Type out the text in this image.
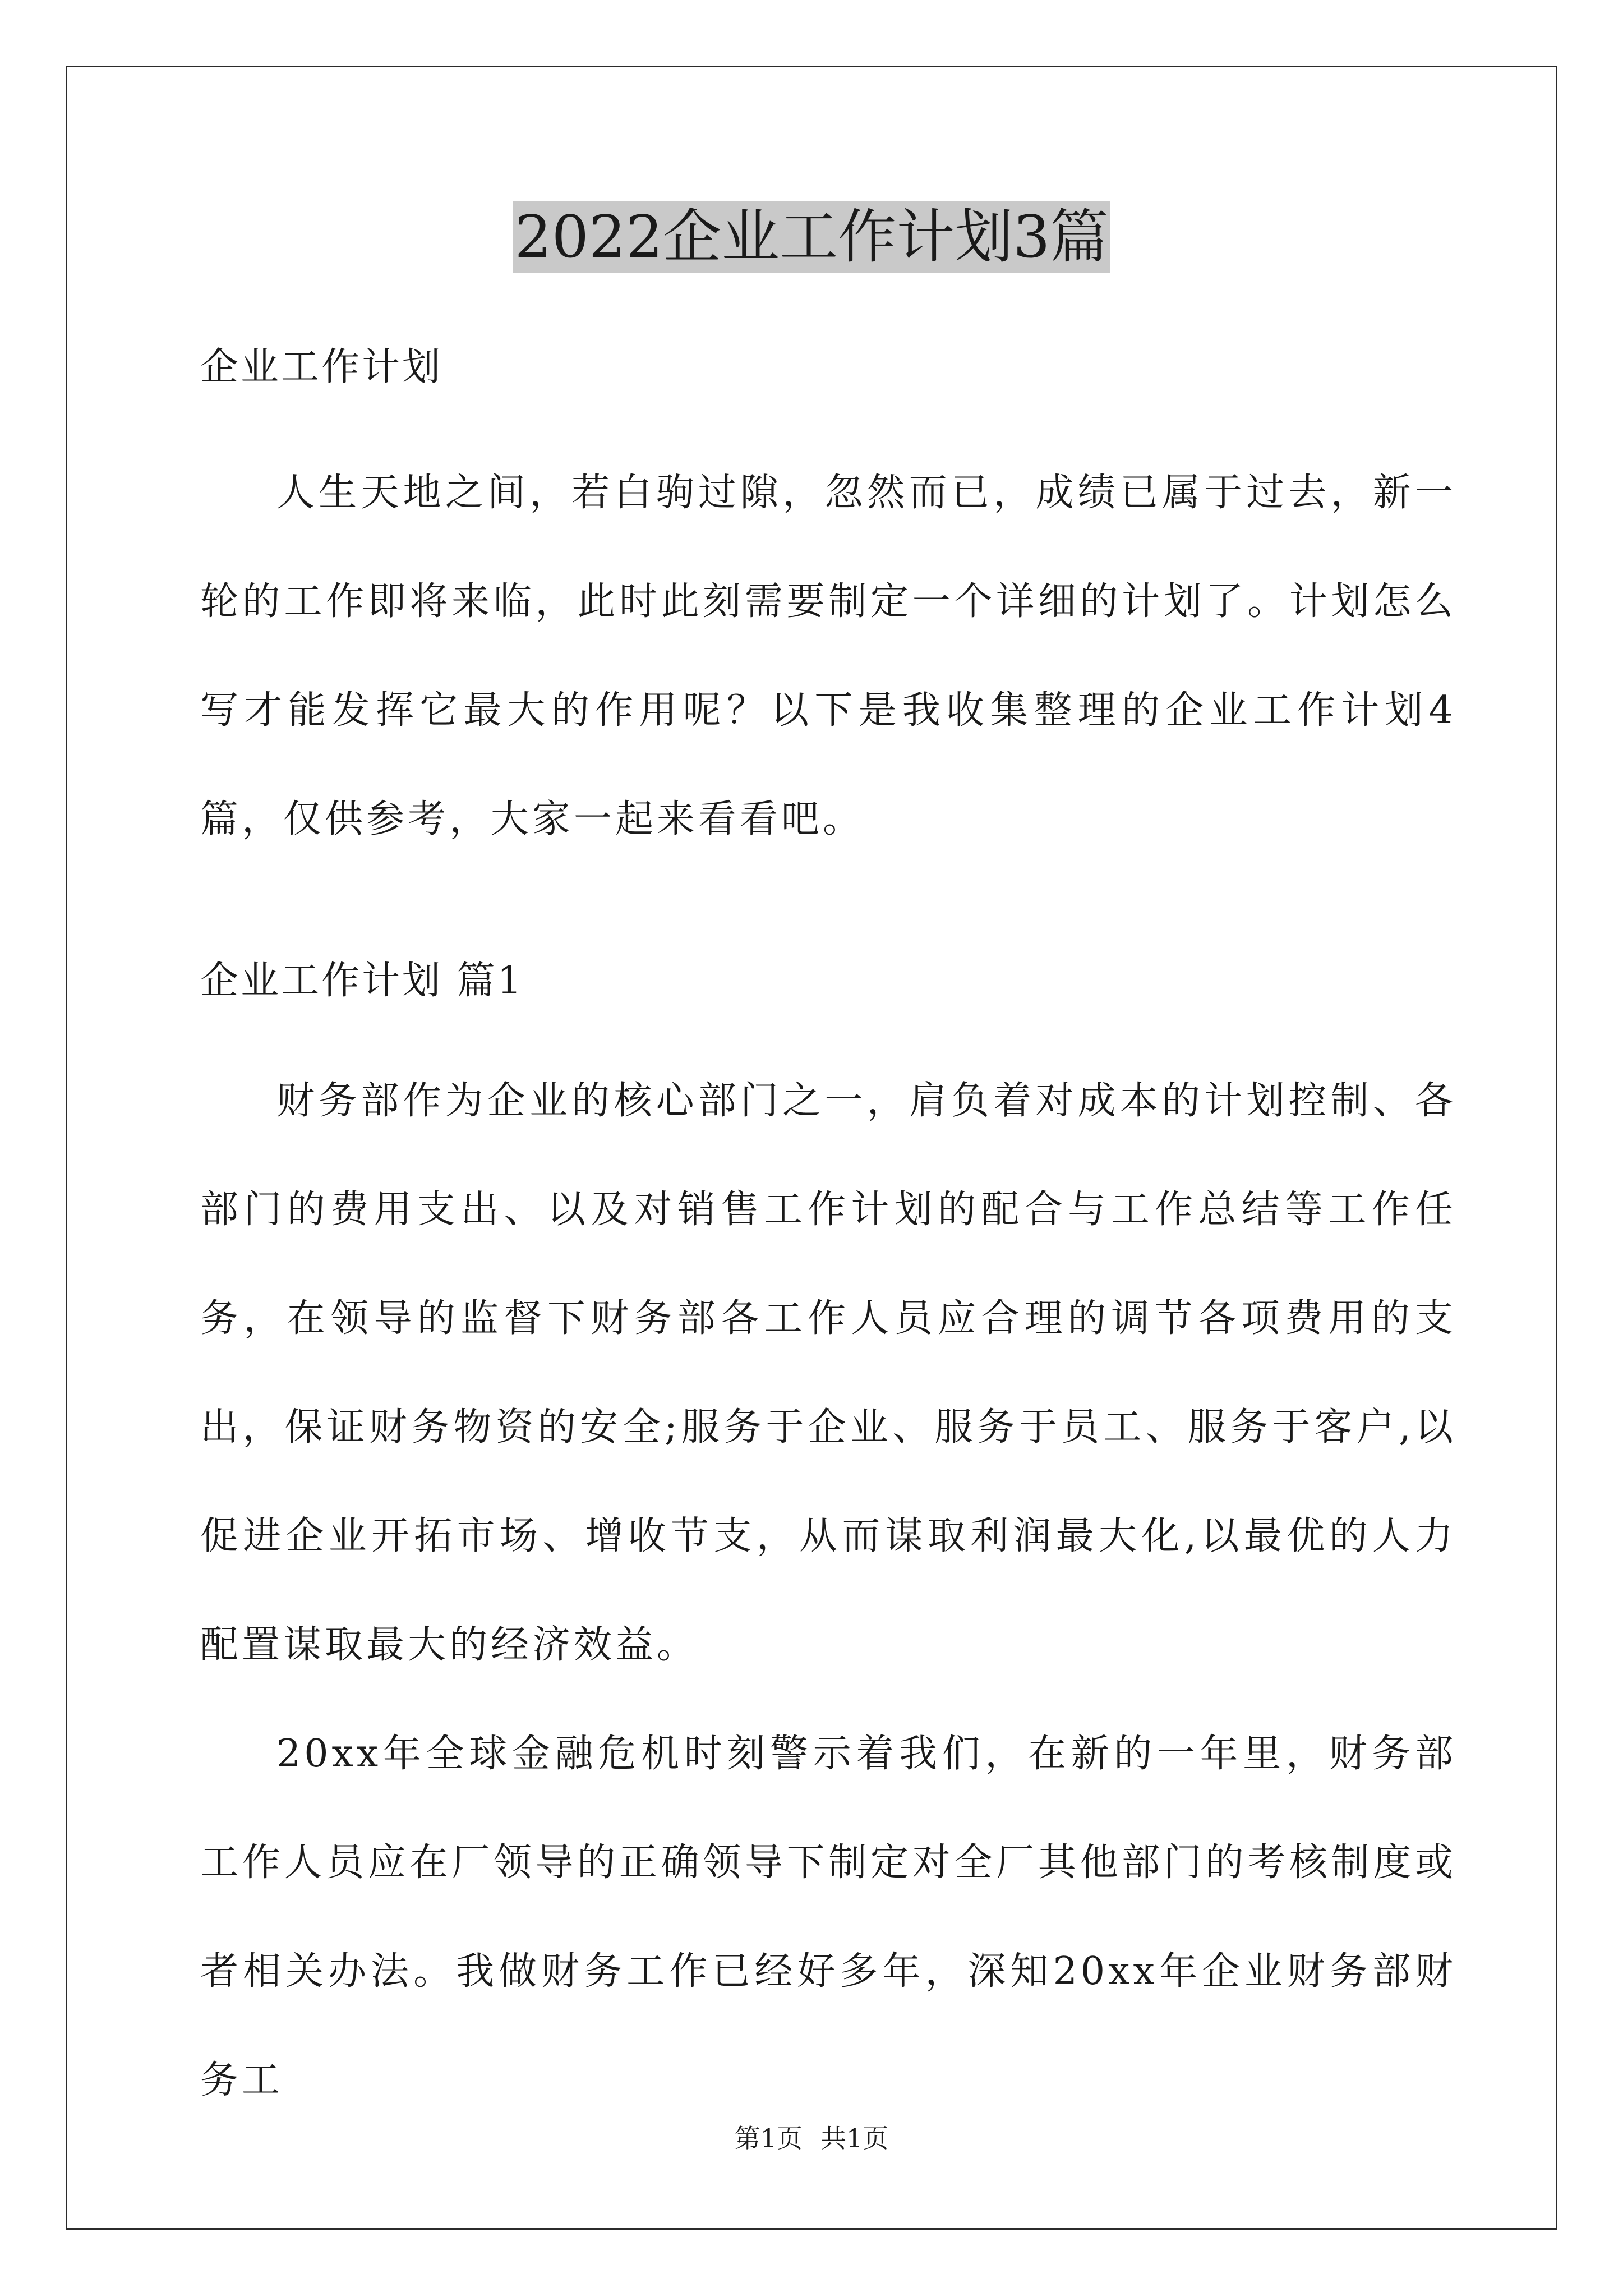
2022企业工作计划3篇

企业工作计划

人生天地之间，若白驹过隙，忽然而已，成绩已属于过去，新一轮的工作即将来临，此时此刻需要制定一个详细的计划了。计划怎么写才能发挥它最大的作用呢？以下是我收集整理的企业工作计划4篇，仅供参考，大家一起来看看吧。

企业工作计划 篇1

财务部作为企业的核心部门之一，肩负着对成本的计划控制、各部门的费用支出、以及对销售工作计划的配合与工作总结等工作任务，在领导的监督下财务部各工作人员应合理的调节各项费用的支出，保证财务物资的安全;服务于企业、服务于员工、服务于客户,以促进企业开拓市场、增收节支，从而谋取利润最大化,以最优的人力配置谋取最大的经济效益。

20xx年全球金融危机时刻警示着我们，在新的一年里，财务部工作人员应在厂领导的正确领导下制定对全厂其他部门的考核制度或者相关办法。我做财务工作已经好多年，深知20xx年企业财务部财务工

第1页 共1页
